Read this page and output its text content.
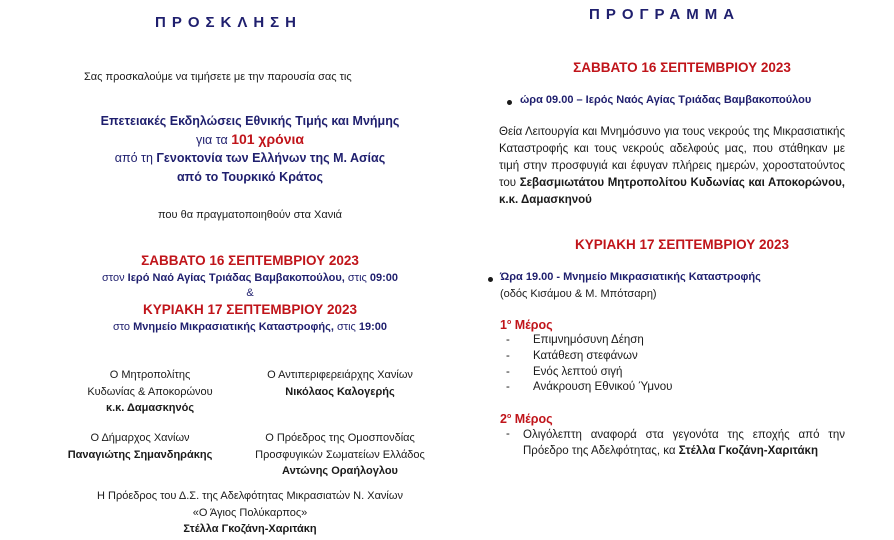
ΠΡΟΣΚΛΗΣΗ
Σας προσκαλούμε να τιμήσετε με την παρουσία σας τις
Επετειακές Εκδηλώσεις Εθνικής Τιμής και Μνήμης
για τα 101 χρόνια
από τη Γενοκτονία των Ελλήνων της Μ. Ασίας
από το Τουρκικό Κράτος
που θα πραγματοποιηθούν στα Χανιά
ΣΑΒΒΑΤΟ 16 ΣΕΠΤΕΜΒΡΙΟΥ 2023
στον Ιερό Ναό Αγίας Τριάδας Βαμβακοπούλου, στις 09:00
&
ΚΥΡΙΑΚΗ 17 ΣΕΠΤΕΜΒΡΙΟΥ 2023
στο Μνημείο Μικρασιατικής Καταστροφής, στις 19:00
Ο Μητροπολίτης
Κυδωνίας & Αποκορώνου
κ.κ. Δαμασκηνός
Ο Αντιπεριφερειάρχης Χανίων
Νικόλαος Καλογερής
Ο Δήμαρχος Χανίων
Παναγιώτης Σημανδηράκης
Ο Πρόεδρος της Ομοσπονδίας
Προσφυγικών Σωματείων Ελλάδος
Αντώνης Οραήλογλου
Η Πρόεδρος του Δ.Σ. της Αδελφότητας Μικρασιατών Ν. Χανίων
«Ο Άγιος Πολύκαρπος»
Στέλλα Γκοζάνη-Χαριτάκη
ΠΡΟΓΡΑΜΜΑ
ΣΑΒΒΑΤΟ 16 ΣΕΠΤΕΜΒΡΙΟΥ 2023
ώρα 09.00 – Ιερός Ναός Αγίας Τριάδας Βαμβακοπούλου
Θεία Λειτουργία και Μνημόσυνο για τους νεκρούς της Μικρασιατικής Καταστροφής και τους νεκρούς αδελφούς μας, που στάθηκαν με τιμή στην προσφυγιά και έφυγαν πλήρεις ημερών, χοροστατούντος του Σεβασμιωτάτου Μητροπολίτου Κυδωνίας και Αποκορώνου, κ.κ. Δαμασκηνού
ΚΥΡΙΑΚΗ 17 ΣΕΠΤΕΜΒΡΙΟΥ 2023
Ώρα 19.00 - Μνημείο Μικρασιατικής Καταστροφής
(οδός Κισάμου & Μ. Μπότσαρη)
$1^o$ Μέρος
- Επιμνημόσυνη Δέηση
- Κατάθεση στεφάνων
- Ενός λεπτού σιγή
- Ανάκρουση Εθνικού Ύμνου
$2^o$ Μέρος
- Ολιγόλεπτη αναφορά στα γεγονότα της εποχής από την Πρόεδρο της Αδελφότητας, κα Στέλλα Γκοζάνη-Χαριτάκη
